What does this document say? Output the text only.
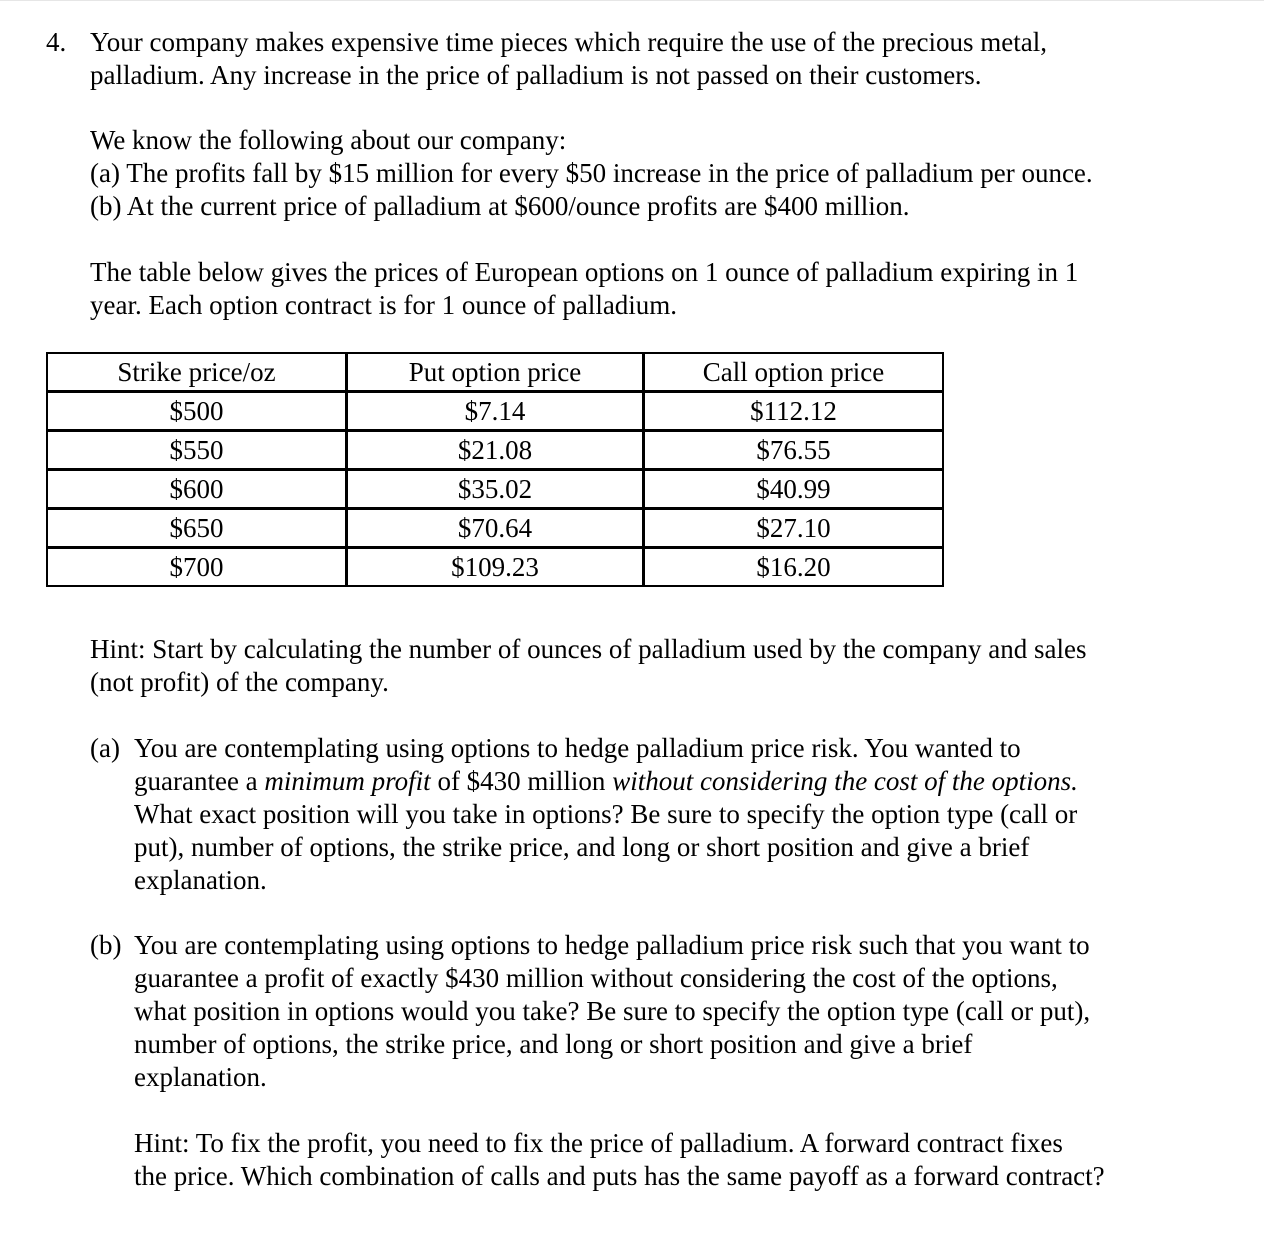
4. Your company makes expensive time pieces which require the use of the precious metal,
palladium. Any increase in the price of palladium is not passed on their customers.
We know the following about our company:
(a) The profits fall by $15 million for every $50 increase in the price of palladium per ounce.
(b) At the current price of palladium at $600/ounce profits are $400 million.
The table below gives the prices of European options on 1 ounce of palladium expiring in 1
year. Each option contract is for 1 ounce of palladium.
Strike price/oz	Put option price	Call option price
$500	$7.14	$112.12
$550	$21.08	$76.55
$600	$35.02	$40.99
$650	$70.64	$27.10
$700	$109.23	$16.20
Hint: Start by calculating the number of ounces of palladium used by the company and sales
(not profit) of the company.
(a) You are contemplating using options to hedge palladium price risk. You wanted to
guarantee a minimum profit of $430 million without considering the cost of the options.
What exact position will you take in options? Be sure to specify the option type (call or
put), number of options, the strike price, and long or short position and give a brief
explanation.
(b) You are contemplating using options to hedge palladium price risk such that you want to
guarantee a profit of exactly $430 million without considering the cost of the options,
what position in options would you take? Be sure to specify the option type (call or put),
number of options, the strike price, and long or short position and give a brief
explanation.
Hint: To fix the profit, you need to fix the price of palladium. A forward contract fixes
the price. Which combination of calls and puts has the same payoff as a forward contract?
